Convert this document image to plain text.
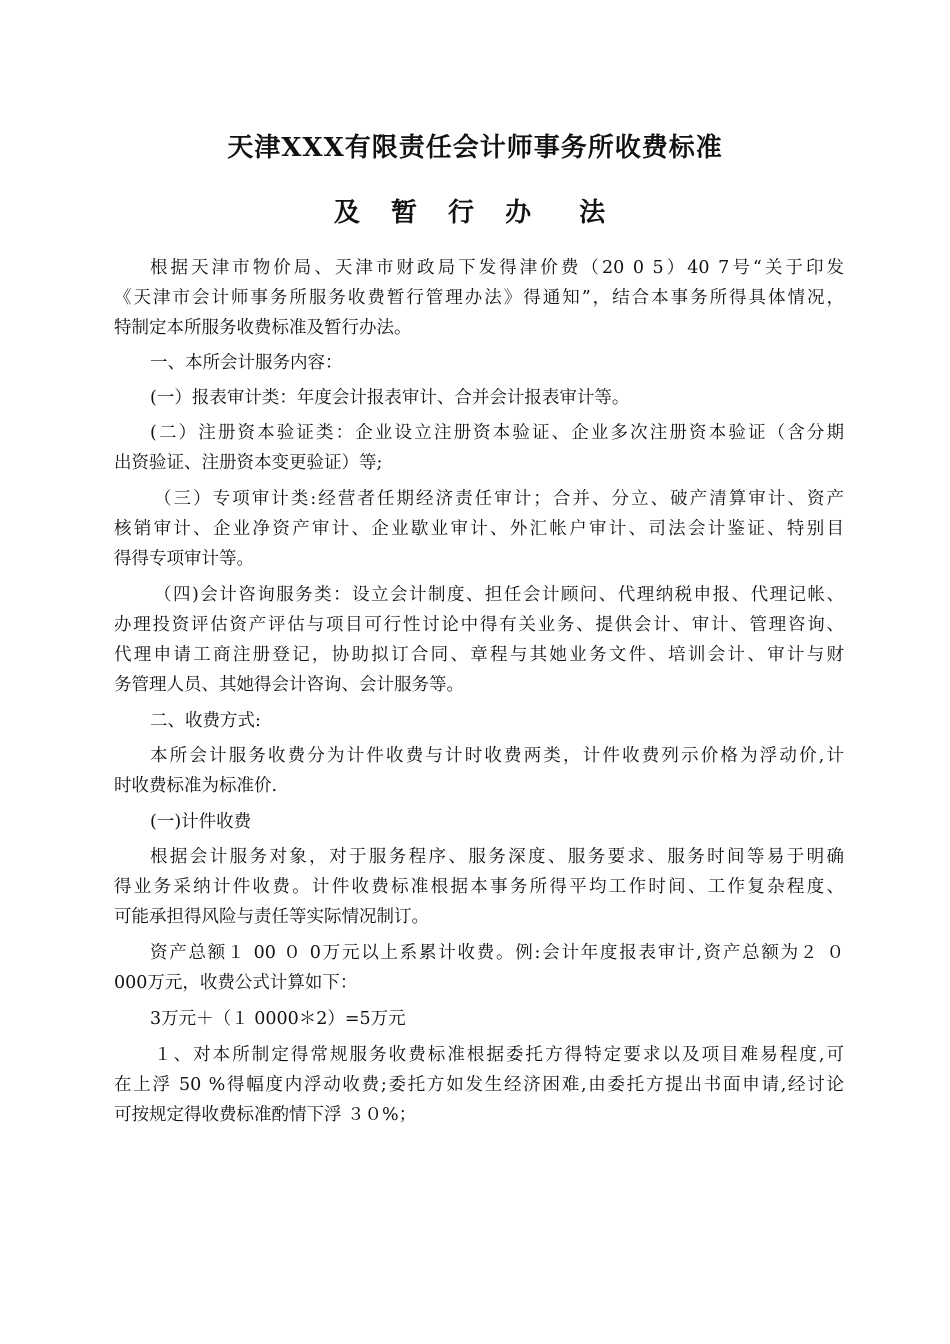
天津XXX有限责任会计师事务所收费标准
及 暂 行 办　法
根据天津市物价局、天津市财政局下发得津价费（20 0 5）40 7号“关于印发
《天津市会计师事务所服务收费暂行管理办法》得通知”，结合本事务所得具体情况，
特制定本所服务收费标准及暂行办法。
一、本所会计服务内容：
(一）报表审计类：年度会计报表审计、合并会计报表审计等。
(二）注册资本验证类：企业设立注册资本验证、企业多次注册资本验证（含分期
出资验证、注册资本变更验证）等;
（三）专项审计类:经营者任期经济责任审计；合并、分立、破产清算审计、资产
核销审计、企业净资产审计、企业歇业审计、外汇帐户审计、司法会计鉴证、特别目
得得专项审计等。
（四)会计咨询服务类：设立会计制度、担任会计顾问、代理纳税申报、代理记帐、
办理投资评估资产评估与项目可行性讨论中得有关业务、提供会计、审计、管理咨询、
代理申请工商注册登记，协助拟订合同、章程与其她业务文件、培训会计、审计与财
务管理人员、其她得会计咨询、会计服务等。
二、收费方式:
本所会计服务收费分为计件收费与计时收费两类，计件收费列示价格为浮动价,计
时收费标准为标准价.
(一)计件收费
根据会计服务对象，对于服务程序、服务深度、服务要求、服务时间等易于明确
得业务采纳计件收费。计件收费标准根据本事务所得平均工作时间、工作复杂程度、
可能承担得风险与责任等实际情况制订。
资产总额１ 00 ０ 0万元以上系累计收费。例:会计年度报表审计,资产总额为２ ０
000万元，收费公式计算如下：
3万元＋（１ 0000＊2）=5万元
１、对本所制定得常规服务收费标准根据委托方得特定要求以及项目难易程度,可
在上浮 50 %得幅度内浮动收费;委托方如发生经济困难,由委托方提出书面申请,经讨论
可按规定得收费标准酌情下浮 ３０%；
